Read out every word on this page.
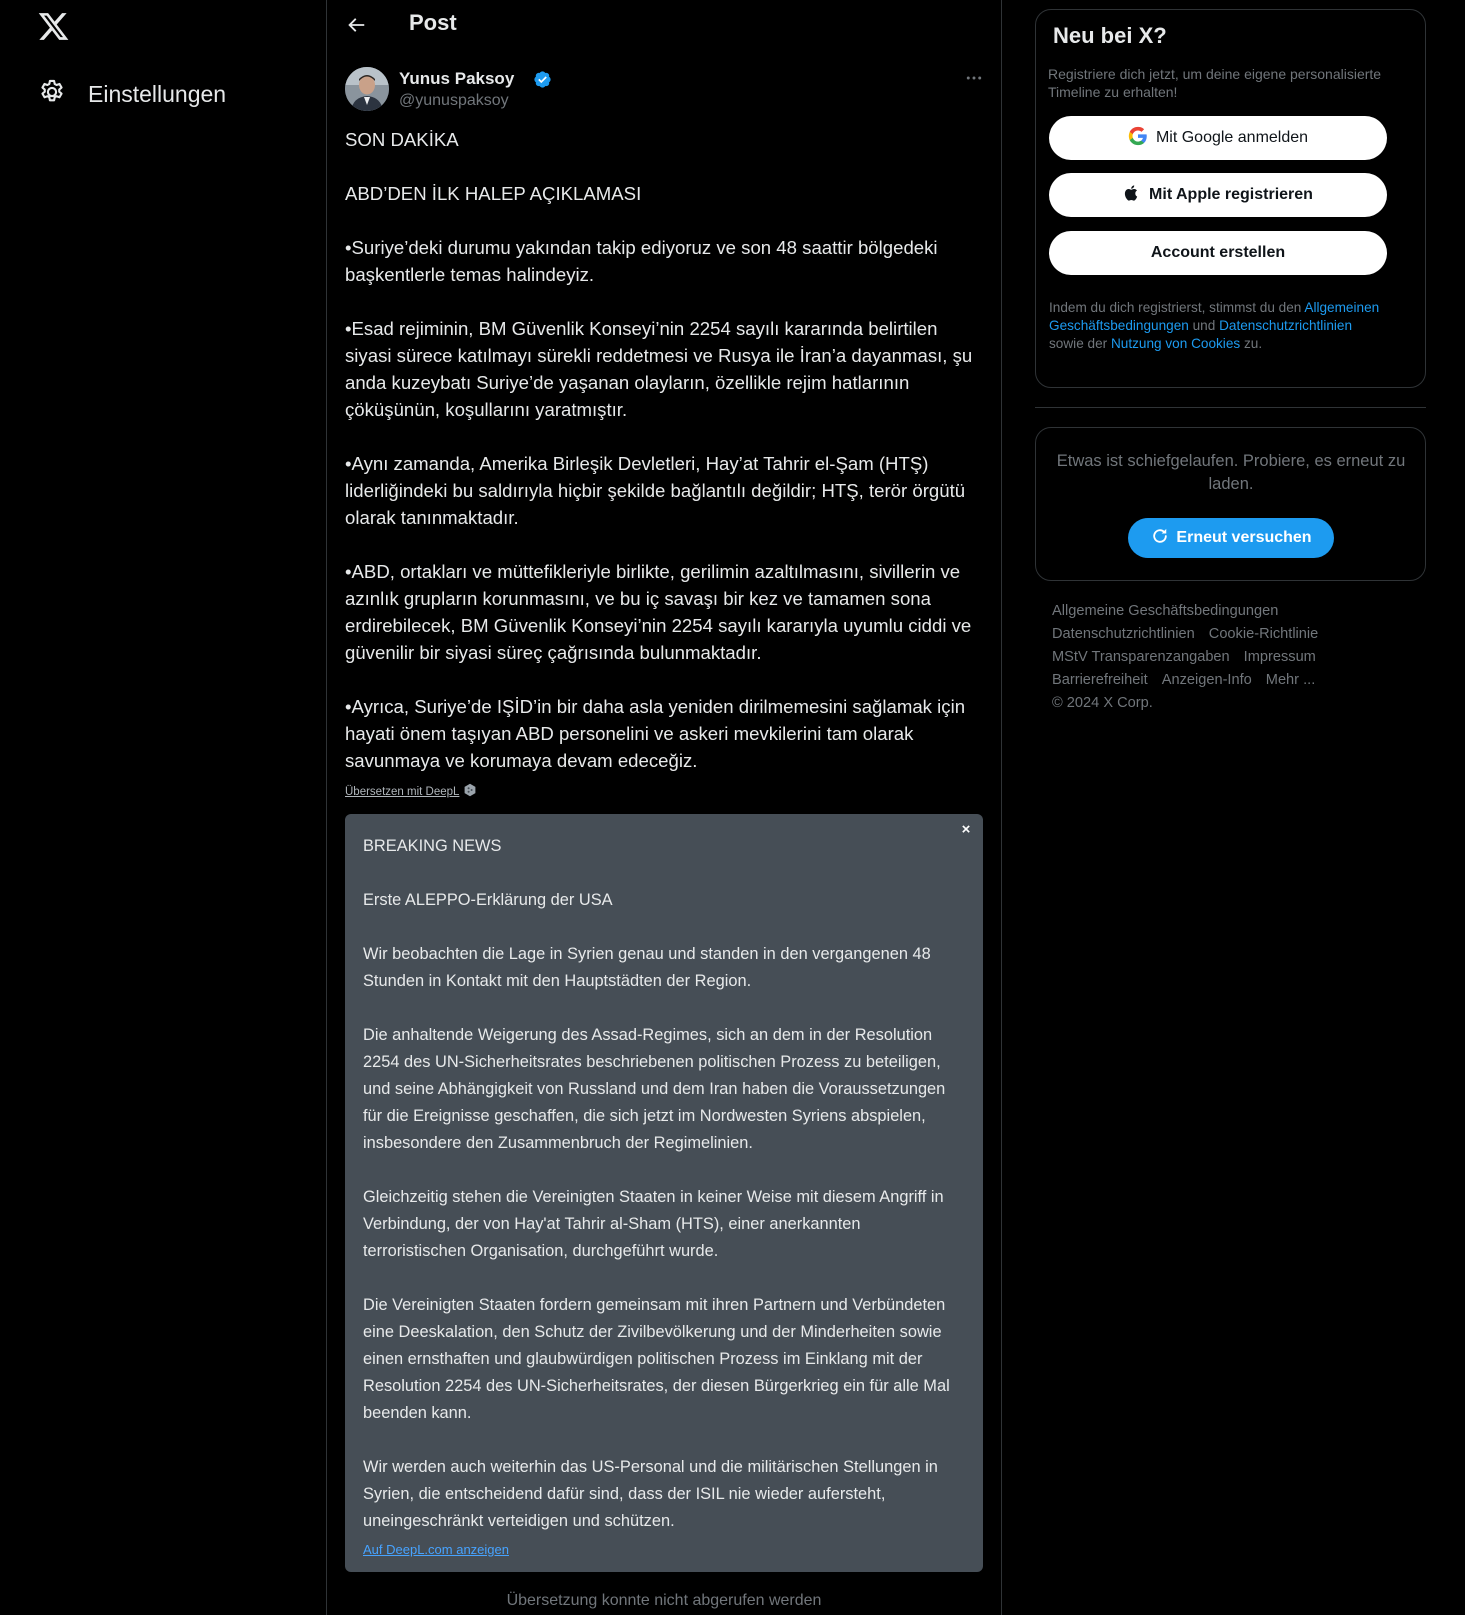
Einstellungen
Post
Yunus Paksoy
@yunuspaksoy

SON DAKİKA

ABD’DEN İLK HALEP AÇIKLAMASI

•Suriye’deki durumu yakından takip ediyoruz ve son 48 saattir bölgedeki başkentlerle temas halindeyiz.

•Esad rejiminin, BM Güvenlik Konseyi’nin 2254 sayılı kararında belirtilen siyasi sürece katılmayı sürekli reddetmesi ve Rusya ile İran’a dayanması, şu anda kuzeybatı Suriye’de yaşanan olayların, özellikle rejim hatlarının çöküşünün, koşullarını yaratmıştır.

•Aynı zamanda, Amerika Birleşik Devletleri, Hay’at Tahrir el-Şam (HTŞ) liderliğindeki bu saldırıyla hiçbir şekilde bağlantılı değildir; HTŞ, terör örgütü olarak tanınmaktadır.

•ABD, ortakları ve müttefikleriyle birlikte, gerilimin azaltılmasını, sivillerin ve azınlık grupların korunmasını, ve bu iç savaşı bir kez ve tamamen sona erdirebilecek, BM Güvenlik Konseyi’nin 2254 sayılı kararıyla uyumlu ciddi ve güvenilir bir siyasi süreç çağrısında bulunmaktadır.

•Ayrıca, Suriye’de IŞİD’in bir daha asla yeniden dirilmemesini sağlamak için hayati önem taşıyan ABD personelini ve askeri mevkilerini tam olarak savunmaya ve korumaya devam edeceğiz.

Übersetzen mit DeepL
×

BREAKING NEWS

Erste ALEPPO-Erklärung der USA

Wir beobachten die Lage in Syrien genau und standen in den vergangenen 48 Stunden in Kontakt mit den Hauptstädten der Region.

Die anhaltende Weigerung des Assad-Regimes, sich an dem in der Resolution 2254 des UN-Sicherheitsrates beschriebenen politischen Prozess zu beteiligen, und seine Abhängigkeit von Russland und dem Iran haben die Voraussetzungen für die Ereignisse geschaffen, die sich jetzt im Nordwesten Syriens abspielen, insbesondere den Zusammenbruch der Regimelinien.

Gleichzeitig stehen die Vereinigten Staaten in keiner Weise mit diesem Angriff in Verbindung, der von Hay'at Tahrir al-Sham (HTS), einer anerkannten terroristischen Organisation, durchgeführt wurde.

Die Vereinigten Staaten fordern gemeinsam mit ihren Partnern und Verbündeten eine Deeskalation, den Schutz der Zivilbevölkerung und der Minderheiten sowie einen ernsthaften und glaubwürdigen politischen Prozess im Einklang mit der Resolution 2254 des UN-Sicherheitsrates, der diesen Bürgerkrieg ein für alle Mal beenden kann.

Wir werden auch weiterhin das US-Personal und die militärischen Stellungen in Syrien, die entscheidend dafür sind, dass der ISIL nie wieder aufersteht, uneingeschränkt verteidigen und schützen.

Auf DeepL.com anzeigen
Übersetzung konnte nicht abgerufen werden
Neu bei X?
Registriere dich jetzt, um deine eigene personalisierte Timeline zu erhalten!
Mit Google anmelden
Mit Apple registrieren
Account erstellen
Indem du dich registrierst, stimmst du den Allgemeinen Geschäftsbedingungen und Datenschutzrichtlinien sowie der Nutzung von Cookies zu.
Etwas ist schiefgelaufen. Probiere, es erneut zu laden.
Erneut versuchen
Allgemeine Geschäftsbedingungen
Datenschutzrichtlinien Cookie-Richtlinie
MStV Transparenzangaben Impressum
Barrierefreiheit Anzeigen-Info Mehr ...
© 2024 X Corp.
